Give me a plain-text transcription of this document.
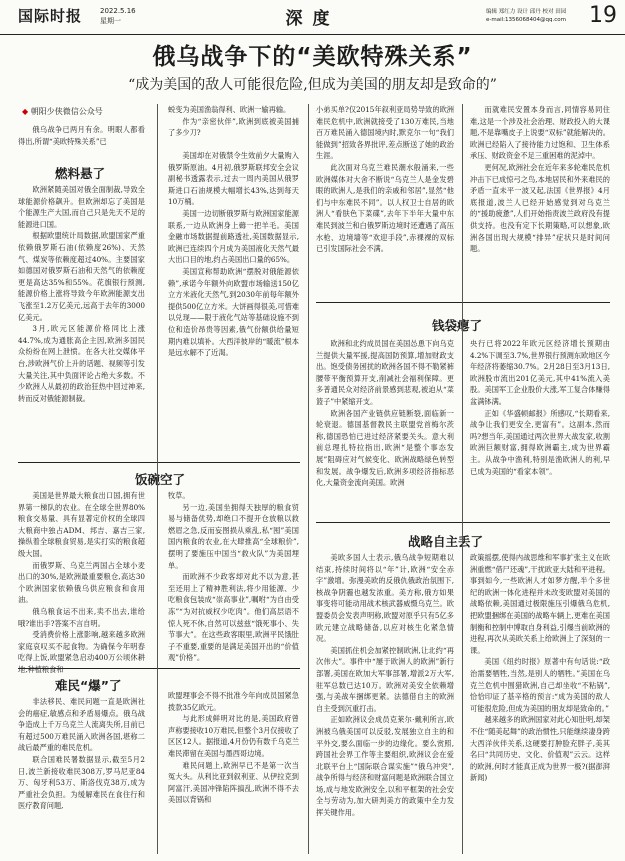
国际时报	2022.5.16
星期一	深度	编辑 郑红力 设计 邱丹 校对 田园
e-mail:1356068404@qq.com 19
俄乌战争下的“美欧特殊关系”
“成为美国的敌人可能很危险,但成为美国的朋友却是致命的”
◆ 朝阳少侠微信公众号

俄乌战争已两月有余。明眼人都看得出,所谓“美欧特殊关系”已

蜕变为美国渔翁得利、欧洲一输再输。

作为“亲密伙伴”,欧洲到底被美国捕了多少刀?

燃料悬了

欧洲紧随美国对俄全面制裁,导致全球能源价格飙升。但欧洲却忘了美国是个能源生产大国,而自己只是先天不足的能源进口国。

根据欧盟统计局数据,欧盟国家严重依赖俄罗斯石油(依赖度26%)、天然气、煤炭等依赖度超过40%。主要国家如德国对俄罗斯石油和天然气的依赖度更是高达35%和55%。花旗银行预测,能源价格上涨将导致今年欧洲能源支出飞涨至1.2万亿美元,远高于去年的3000亿美元。

3月,欧元区能源价格同比上涨44.7%,成为通胀高企主因,欧洲多国民众纷纷在网上泄愤。在各大社交媒体平台,涉欧洲气价上升的话题、视频等引发大量关注,其中负面评论占绝大多数。不少欧洲人从最初的政治狂热中回过神来,转而反对俄能源制裁。

美国却在对俄禁令生效前夕大量购入俄罗斯原油。4月初,俄罗斯联邦安全会议副秘书透露表示,过去一周内美国从俄罗斯进口石油规模大幅增长43%,达到每天10万桶。

美国一边切断俄罗斯与欧洲国家能源联系,一边从欧洲身上薅一把羊毛。美国金融市场数据提前路透社,美国数据显示,欧洲已连续四个月成为美国液化天然气最大出口目的地,约占美国出口量的65%。

美国宣称帮助欧洲“摆脱对俄能源依赖”,承诺今年额外向欧盟市场输送150亿立方米液化天然气,到2030年前每年额外提供500亿立方米。大饼画得很美,可惜难以兑现——限于液化气站等基础设施不到位和造价昂贵等因素,俄气份额供给量短期内难以填补。大西洋彼岸的“暖流”根本是远水解不了近渴。

小弟买单?仅2015年叙利亚局势导致的欧洲难民危机中,欧洲就接受了130万难民,当地百万难民涌入德国境内时,默克尔一句“我们能做到”招致各界批评,差点断送了她的政治生涯。

此次面对乌克兰难民潮水般涌来,一些欧洲媒体对大舍不断说“乌克兰人是金发碧眼的欧洲人,是我们的亲戚和邻居”,显然“他们与中东难民不同”。以人权卫士自居的欧洲人“看肤色下菜碟”,去年下半年大量中东难民到波兰和白俄罗斯边境时还遭遇了高压水枪、边境墙等“欢迎手段”,赤裸裸的双标已引发国际社会不满。

而就难民安置本身而言,同情容易同住难,这是一个涉及社会治理、财政投入的大课题,不是靠嘴皮子上说要“双标”就能解决的。欧洲已经陷入了接待能力过饱和、卫生体系承压、财政资金不足三重困难的泥淖中。

更何况,欧洲社会在近年来多轮难民危机冲击下已成惊弓之鸟,本地居民和外来难民的矛盾一直未平一波又起,法国《世界报》4月底报道,波兰人已经开始感觉到对乌克兰的“援助疲惫”,人们开始指责波兰政府没有提供支持。也没有定下长期策略,可以想象,欧洲各国出现大规模“排异”症状只是时间问题。

钱袋瘪了

欧洲和北约成员国在美国怂恿下向乌克兰提供大量军援,提高国防预算,增加财政支出。饱受债务困扰的欧洲各国不得不勒紧裤腰带平衡预算开支,削减社会福利保障。更多普通民众对经济前景感到悲观,被迫从“菜篮子”中紧缩开支。

欧洲各国产业链供应链断裂,面临新一轮衰退。德国基督教民主联盟党首梅尔茨称,德国恐怕已进过经济紧要关头。意大利前总理扎特拉指出,欧洲“是整个事态发展”阻碍应对气候变化、欧洲战略绿色转型和发展。战争爆发后,欧洲多项经济指标恶化,大量资金流向美国。欧洲

央行已将2022年欧元区经济增长预期由4.2%下调至3.7%,世界银行预测东欧地区今年经济将萎缩30.7%。2月28日至3月13日,欧洲股市流出201亿美元,其中41%流入美股。美国军工企业股价大涨,军工复合体赚得盆满钵满。

正如《华盛顿邮报》所感叹,“长期看来,战争让我们更安全,更富有”。这副本,然而吗?想当年,美国通过两次世界大战发家,收割欧洲巨额财富,拥得欧洲霸主,成为世界霸主。从战争中渔利,特别是渔欧洲人的利,早已成为美国的“看家本领”。

饭碗空了

美国是世界最大粮食出口国,拥有世界第一梯队的农业。在全球全世界80%粮食交易量、具有显著定价权的全球四大粮商中独占ADM、邦吉、嘉吉三家,操纵着全球粮食贸易,是实打实的粮食超级大国。

而俄罗斯、乌克兰两国占全球小麦出口的30%,是欧洲最重要粮仓,高达30个欧洲国家依赖俄乌供应粮食和食用油。

俄乌粮食运不出来,卖不出去,谁给哦?谁出手?答案不言自明。

受消费价格上涨影响,越来越多欧洲家庭哀叹买不起食物。为确保今年明春吃得上饭,欧盟紧急启动400万公顷休耕地,种植粮食和

牧草。

另一边,美国坐拥得天独厚的粮食贸易与储备优势,却绝口不提开仓放粮以救燃眉之急,反而妄图损从乘乱,私“囤”美国国内粮食的农业,在大肆推高“全球粮价”,摆明了要施压中国当“救火队”为美国埋单。

而欧洲不少政客却对此不以为意,甚至还用上了精神胜利法,将少用能源、少吃粮食包装成“崇高事业”,嘱咐“为自由受冻”“为对抗威权少吃肉”。他们高层语不惊人死不休,自然可以兹兹“饿死事小、失节事大”。在这些政客眼里,欧洲平民饿肚子不重要,重要的是满足美国开出的“价值观”价格”。

战略自主丢了

美欧多国人士表示,俄乌战争短期难以结束,持续时间将以“年”计,欧洲“安全赤字”激增。弥漫美欧的反俄仇俄政治氛围下,核战争阴霾也越发浓重。美方称,俄方如果事变将可能动用战术核武器威慑乌克兰。欧盟委员会发表声明称,欧盟对原乎只有5亿多欧元建立战略储备,以应对核生化紧急情况。

美国抓住机会加紧控制欧洲,让北约“再次伟大”。事件中“屡于欧洲人的欧洲”新行部署,美国在欧加大军事部署,增派2万大军,驻军总数已达10万。欧洲对美安全依赖增强,与美战车捆绑更紧。法德借自主的欧洲自主受到沉重打击。

正如欧洲议会成员克莱尔·戴利所言,欧洲被乌俄美国可以反驳,发展独立自主的和平外交,要么面临一步的边缘化。要么赏照,跨国社会界工作等主要组织,欧洲议会在爱北联平台上“国际联合谋实施”“俄乌冲突”,战争所得与经济和财富问题是欧洲联合国立场,成与地发欧洲安全,以和平框架的社会安全与劳动为,加大研判美方的政策中全力发挥关键作用。

政策摇摆,使得内战思维和军事扩张主义在欧洲重燃“借尸还魂”,干扰欧亚大陆和平进程。事到如今,一些欧洲人才如梦方醒,半个多世纪的欧洲一体化进程并未改变欧盟对美国的战略依赖,美国通过极限施压引爆俄乌危机,把欧盟捆绑在美国的战略车辆上,更难在美国制衡和控制中博取自身利益,引爆当前欧洲的进程,再次从美欧关系上给欧洲上了深刻的一课。

美国《纽约时报》原著中有句话说:“政治需要牺牲,当然,是别人的牺牲。”美国在乌克兰危机中围猎欧洲,自己却坐收“不粘锅”,恰恰印证了基辛格的预言:“成为美国的敌人可能很危险,但成为美国的朋友却是致命的。”

越来越多的欧洲国家对此心知肚明,却架不住“随美起舞”的政治惯性,只能继续凄身跨大西洋伙伴关系,这硬要打肿脸充胖子,美其名曰“共同历史、文化、价值观”云云。这样的欧洲,何时才能真正成为世界一极?(据澎湃新闻)

难民“爆”了

非法移民、难民问题一直是欧洲社会的癌症,敏感点和矛盾易爆点。俄乌战争造成上千万乌克兰人流离失所,目前已有超过500万难民涌入欧洲各国,堪称二战后最严重的难民危机。

联合国难民署数据显示,截至5月2日,波兰新接收难民308万,罗马尼亚84万、匈牙利53万、斯洛伐克38万,成为严重社会负担。为缓解难民在食住行和医疗教育问题,

欧盟理事会不得不批准今年向成员国紧急拨款35亿欧元。

与此形成鲜明对比的是,美国政府曾声称要接收10万难民,但整个3月仅接收了区区12人。据报道,4月份仍有数千乌克兰难民滞留在美国与墨西哥边境。

难民问题上,欧洲早已不是第一次当冤大头。从利比亚到叙利亚、从伊拉克到阿富汗,美国冲锋陷阵搞乱,欧洲不得不去美国以背锅和
